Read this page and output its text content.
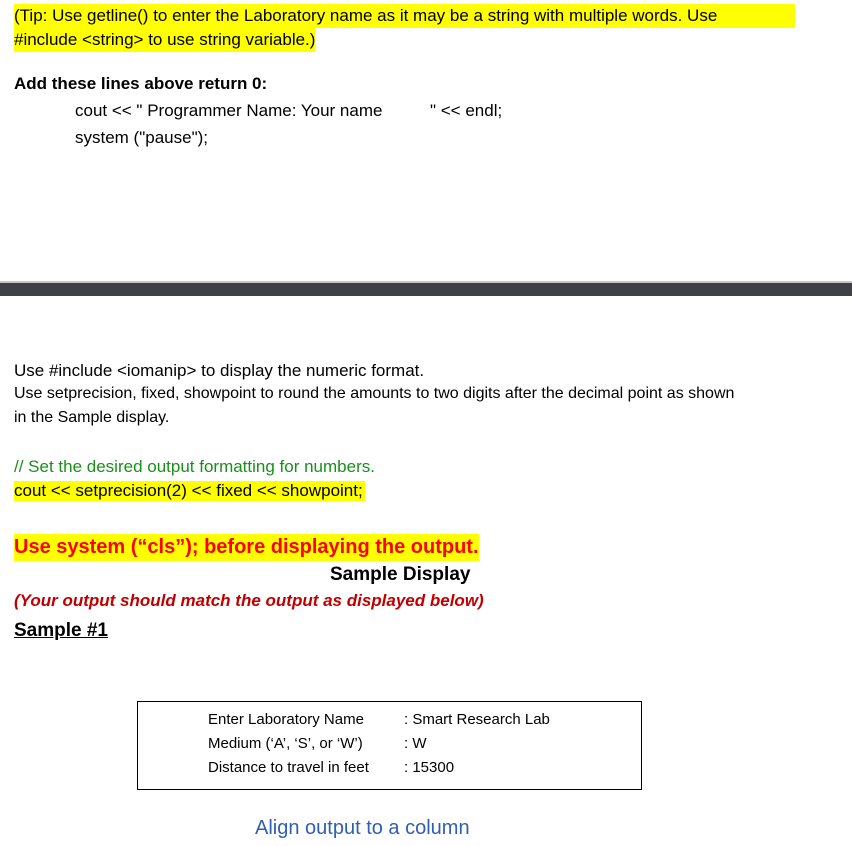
(Tip: Use getline() to enter the Laboratory name as it may be a string with multiple words. Use
#include <string> to use string variable.)
Add these lines above return 0:
cout << " Programmer Name: Your name	" << endl;
system ("pause");
Use #include <iomanip> to display the numeric format.
Use setprecision, fixed, showpoint to round the amounts to two digits after the decimal point as shown
in the Sample display.
// Set the desired output formatting for numbers.
cout << setprecision(2) << fixed << showpoint;
Use system (“cls”); before displaying the output.
Sample Display
(Your output should match the output as displayed below)
Sample #1
Enter Laboratory Name	: Smart Research Lab
Medium (‘A’, ‘S’, or ‘W’)	: W
Distance to travel in feet : 15300
Align output to a column
